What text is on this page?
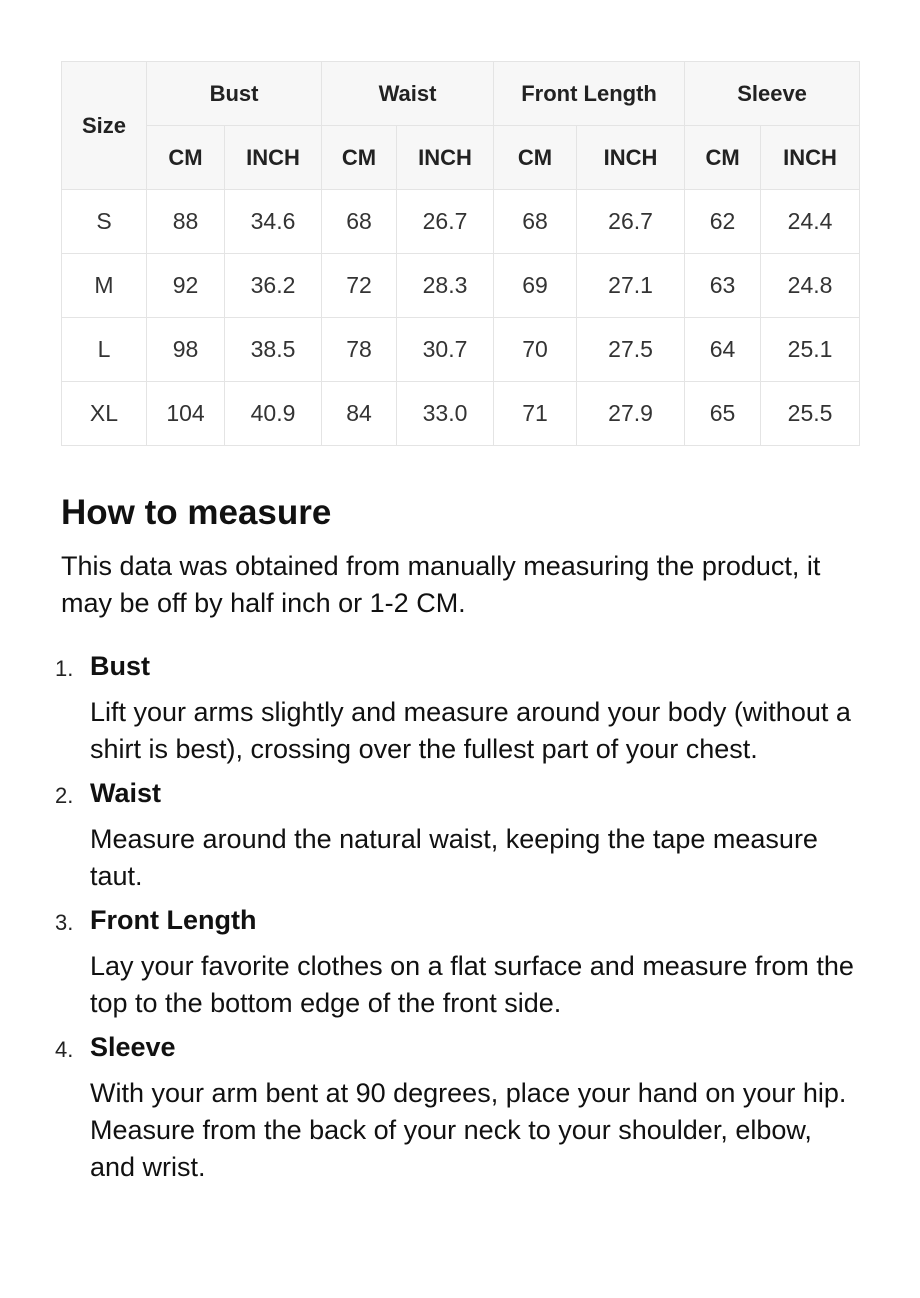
Size	Bust		Waist		Front Length		Sleeve	
	CM	INCH	CM	INCH	CM	INCH	CM	INCH
S	88	34.6	68	26.7	68	26.7	62	24.4
M	92	36.2	72	28.3	69	27.1	63	24.8
L	98	38.5	78	30.7	70	27.5	64	25.1
XL	104	40.9	84	33.0	71	27.9	65	25.5
How to measure

This data was obtained from manually measuring the product, it may be off by half inch or 1-2 CM.

1. Bust
Lift your arms slightly and measure around your body (without a shirt is best), crossing over the fullest part of your chest.
2. Waist
Measure around the natural waist, keeping the tape measure taut.
3. Front Length
Lay your favorite clothes on a flat surface and measure from the top to the bottom edge of the front side.
4. Sleeve
With your arm bent at 90 degrees, place your hand on your hip. Measure from the back of your neck to your shoulder, elbow, and wrist.
